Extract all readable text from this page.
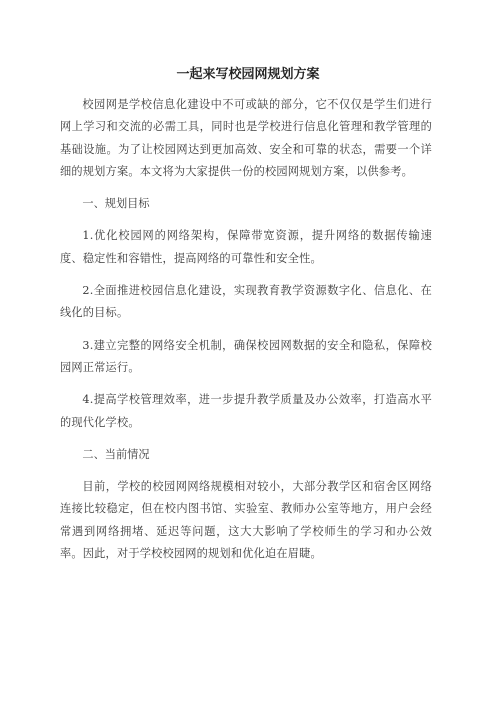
一起来写校园网规划方案

校园网是学校信息化建设中不可或缺的部分，它不仅仅是学生们进行网上学习和交流的必需工具，同时也是学校进行信息化管理和教学管理的基础设施。为了让校园网达到更加高效、安全和可靠的状态，需要一个详细的规划方案。本文将为大家提供一份的校园网规划方案，以供参考。

一、规划目标

1.优化校园网的网络架构，保障带宽资源，提升网络的数据传输速度、稳定性和容错性，提高网络的可靠性和安全性。

2.全面推进校园信息化建设，实现教育教学资源数字化、信息化、在线化的目标。

3.建立完整的网络安全机制，确保校园网数据的安全和隐私，保障校园网正常运行。

4.提高学校管理效率，进一步提升教学质量及办公效率，打造高水平的现代化学校。

二、当前情况

目前，学校的校园网网络规模相对较小，大部分教学区和宿舍区网络连接比较稳定，但在校内图书馆、实验室、教师办公室等地方，用户会经常遇到网络拥堵、延迟等问题，这大大影响了学校师生的学习和办公效率。因此，对于学校校园网的规划和优化迫在眉睫。
